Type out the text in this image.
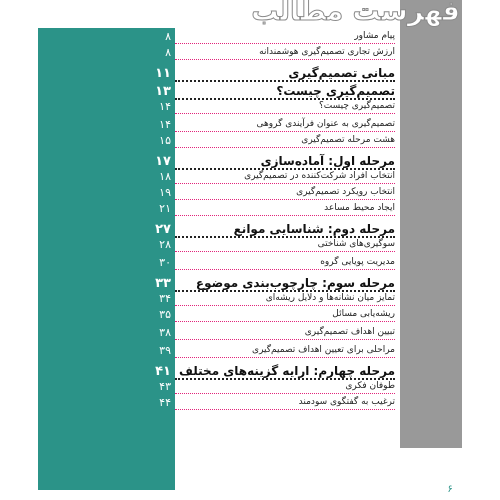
فهرست مطالب
پیام مشاور
۸
ارزش تجاری تصمیم‌گیری هوشمندانه
۸
مبانی تصمیم‌گیری
۱۱
تصمیم‌گیری چیست؟
۱۳
تصمیم‌گیری چیست؟
۱۴
تصمیم‌گیری به عنوان فرآیندی گروهی
۱۴
هشت مرحله تصمیم‌گیری
۱۵
مرحله اول: آماده‌سازی
۱۷
انتخاب افراد شرکت‌کننده در تصمیم‌گیری
۱۸
انتخاب رویکرد تصمیم‌گیری
۱۹
ایجاد محیط مساعد
۲۱
مرحله دوم: شناسایی موانع
۲۷
سوگیری‌های شناختی
۲۸
مدیریت پویایی گروه
۳۰
مرحله سوم: چارچوب‌بندی موضوع
۳۳
تمایز میان نشانه‌ها و دلایل ریشه‌ای
۳۴
ریشه‌یابی مسائل
۳۵
تبیین اهداف تصمیم‌گیری
۳۸
مراحلی برای تعیین اهداف تصمیم‌گیری
۳۹
مرحله چهارم: ارایه گزینه‌های مختلف
۴۱
طوفان فکری
۴۳
ترغیب به گفتگوی سودمند
۴۴
۶
